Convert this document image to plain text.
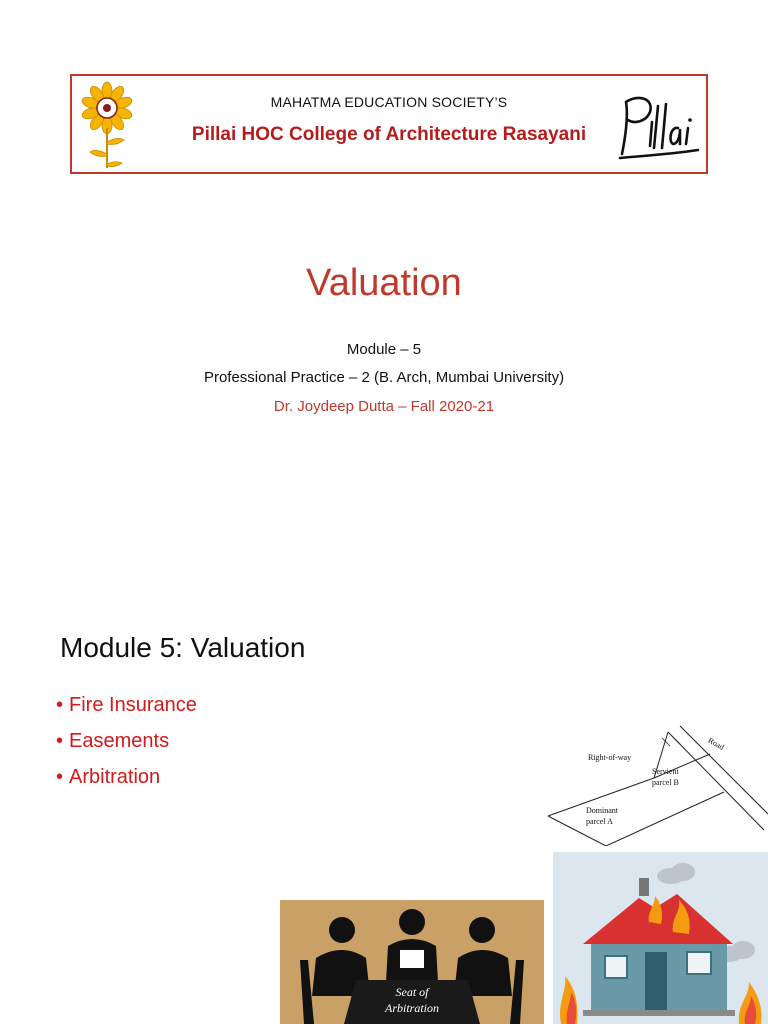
MAHATMA EDUCATION SOCIETY’S
Pillai HOC College of Architecture Rasayani
Valuation
Module – 5
Professional Practice – 2 (B. Arch, Mumbai University)
Dr. Joydeep Dutta – Fall 2020-21
Module 5: Valuation
• Fire Insurance
• Easements
• Arbitration
Right-of-way
Road
Servient
parcel B
Dominant
parcel A
Seat of
Arbitration
